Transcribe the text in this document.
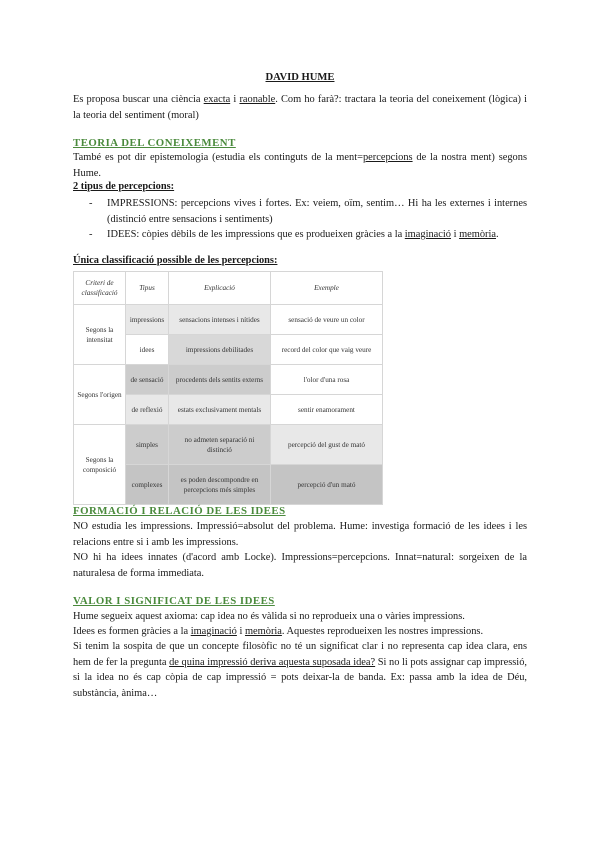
DAVID HUME
Es proposa buscar una ciència exacta i raonable. Com ho farà?: tractara la teoria del coneixement (lògica) i la teoria del sentiment (moral)
TEORIA DEL CONEIXEMENT
També es pot dir epistemologia (estudia els continguts de la ment=percepcions de la nostra ment) segons Hume.
2 tipus de percepcions:
-	IMPRESSIONS: percepcions vives i fortes. Ex: veiem, oïm, sentim… Hi ha les externes i internes (distinció entre sensacions i sentiments)
-	IDEES: còpies dèbils de les impressions que es produeixen gràcies a la imaginació i memòria.
Única classificació possible de les percepcions:
Criteri de classificació	Tipus	Explicació	Exemple
Segons la intensitat	impressions	sensacions intenses i nítides	sensació de veure un color
	idees	impressions debilitades	record del color que vaig veure
Segons l'origen	de sensació	procedents dels sentits externs	l'olor d'una rosa
	de reflexió	estats exclusivament mentals	sentir enamorament
Segons la composició	simples	no admeten separació ni distinció	percepció del gust de mató
	complexes	es poden descompondre en percepcions més simples	percepció d'un mató
FORMACIÓ I RELACIÓ DE LES IDEES
NO estudia les impressions. Impressió=absolut del problema. Hume: investiga formació de les idees i les relacions entre si i amb les impressions.
NO hi ha idees innates (d'acord amb Locke). Impressions=percepcions. Innat=natural: sorgeixen de la naturalesa de forma immediata.
VALOR I SIGNIFICAT DE LES IDEES
Hume segueix aquest axioma: cap idea no és vàlida si no reprodueix una o vàries impressions.
Idees es formen gràcies a la imaginació i memòria. Aquestes reprodueixen les nostres impressions.
Si tenim la sospita de que un concepte filosòfic no té un significat clar i no representa cap idea clara, ens hem de fer la pregunta de quina impressió deriva aquesta suposada idea? Si no li pots assignar cap impressió, si la idea no és cap còpia de cap impressió = pots deixar-la de banda. Ex: passa amb la idea de Déu, substància, ànima…
